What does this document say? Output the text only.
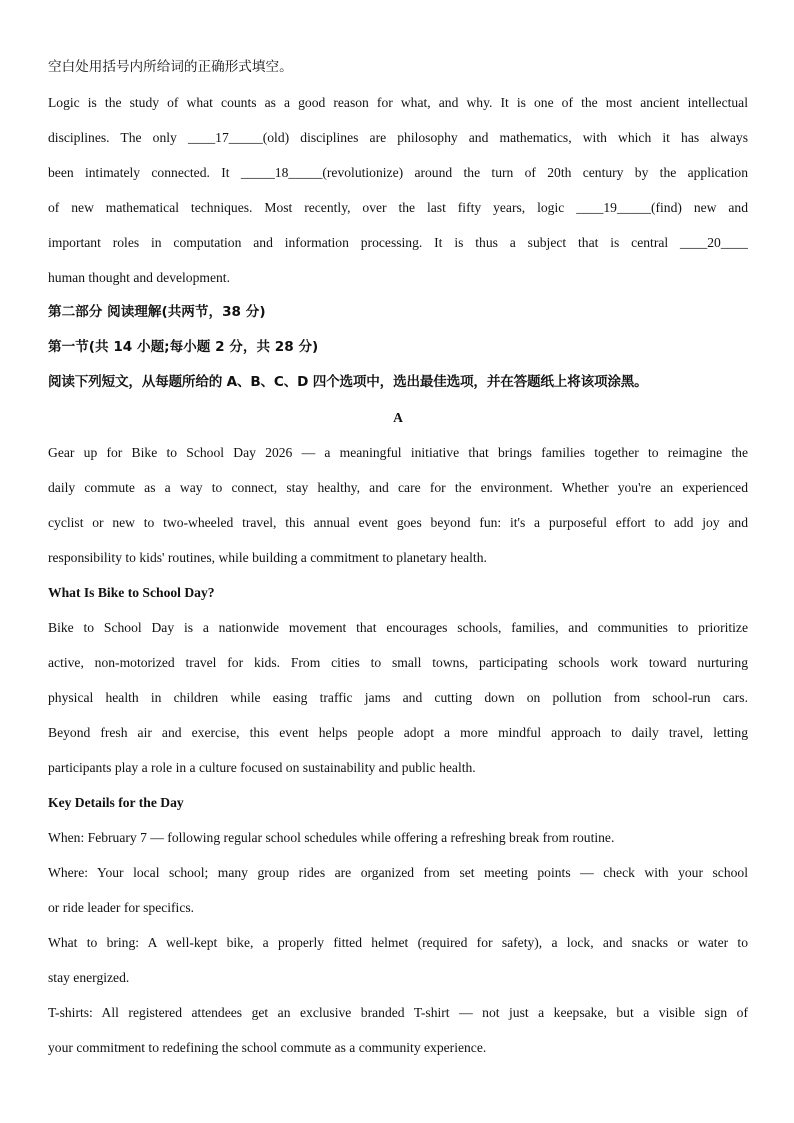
空白处用括号内所给词的正确形式填空。
Logic is the study of what counts as a good reason for what, and why. It is one of the most ancient intellectual
disciplines. The only ____17_____(old) disciplines are philosophy and mathematics, with which it has always
been intimately connected. It _____18_____(revolutionize) around the turn of 20th century by the application
of new mathematical techniques. Most recently, over the last fifty years, logic ____19_____(find) new and
important roles in computation and information processing. It is thus a subject that is central ____20____
human thought and development.
第二部分 阅读理解(共两节，38 分)
第一节(共 14 小题;每小题 2 分，共 28 分)
阅读下列短文，从每题所给的 A、B、C、D 四个选项中，选出最佳选项，并在答题纸上将该项涂黑。
A
Gear up for Bike to School Day 2026 — a meaningful initiative that brings families together to reimagine the
daily commute as a way to connect, stay healthy, and care for the environment. Whether you're an experienced
cyclist or new to two-wheeled travel, this annual event goes beyond fun: it's a purposeful effort to add joy and
responsibility to kids' routines, while building a commitment to planetary health.
What Is Bike to School Day?
Bike to School Day is a nationwide movement that encourages schools, families, and communities to prioritize
active, non-motorized travel for kids. From cities to small towns, participating schools work toward nurturing
physical health in children while easing traffic jams and cutting down on pollution from school-run cars.
Beyond fresh air and exercise, this event helps people adopt a more mindful approach to daily travel, letting
participants play a role in a culture focused on sustainability and public health.
Key Details for the Day
When: February 7 — following regular school schedules while offering a refreshing break from routine.
Where: Your local school; many group rides are organized from set meeting points — check with your school
or ride leader for specifics.
What to bring: A well-kept bike, a properly fitted helmet (required for safety), a lock, and snacks or water to
stay energized.
T-shirts: All registered attendees get an exclusive branded T-shirt — not just a keepsake, but a visible sign of
your commitment to redefining the school commute as a community experience.
